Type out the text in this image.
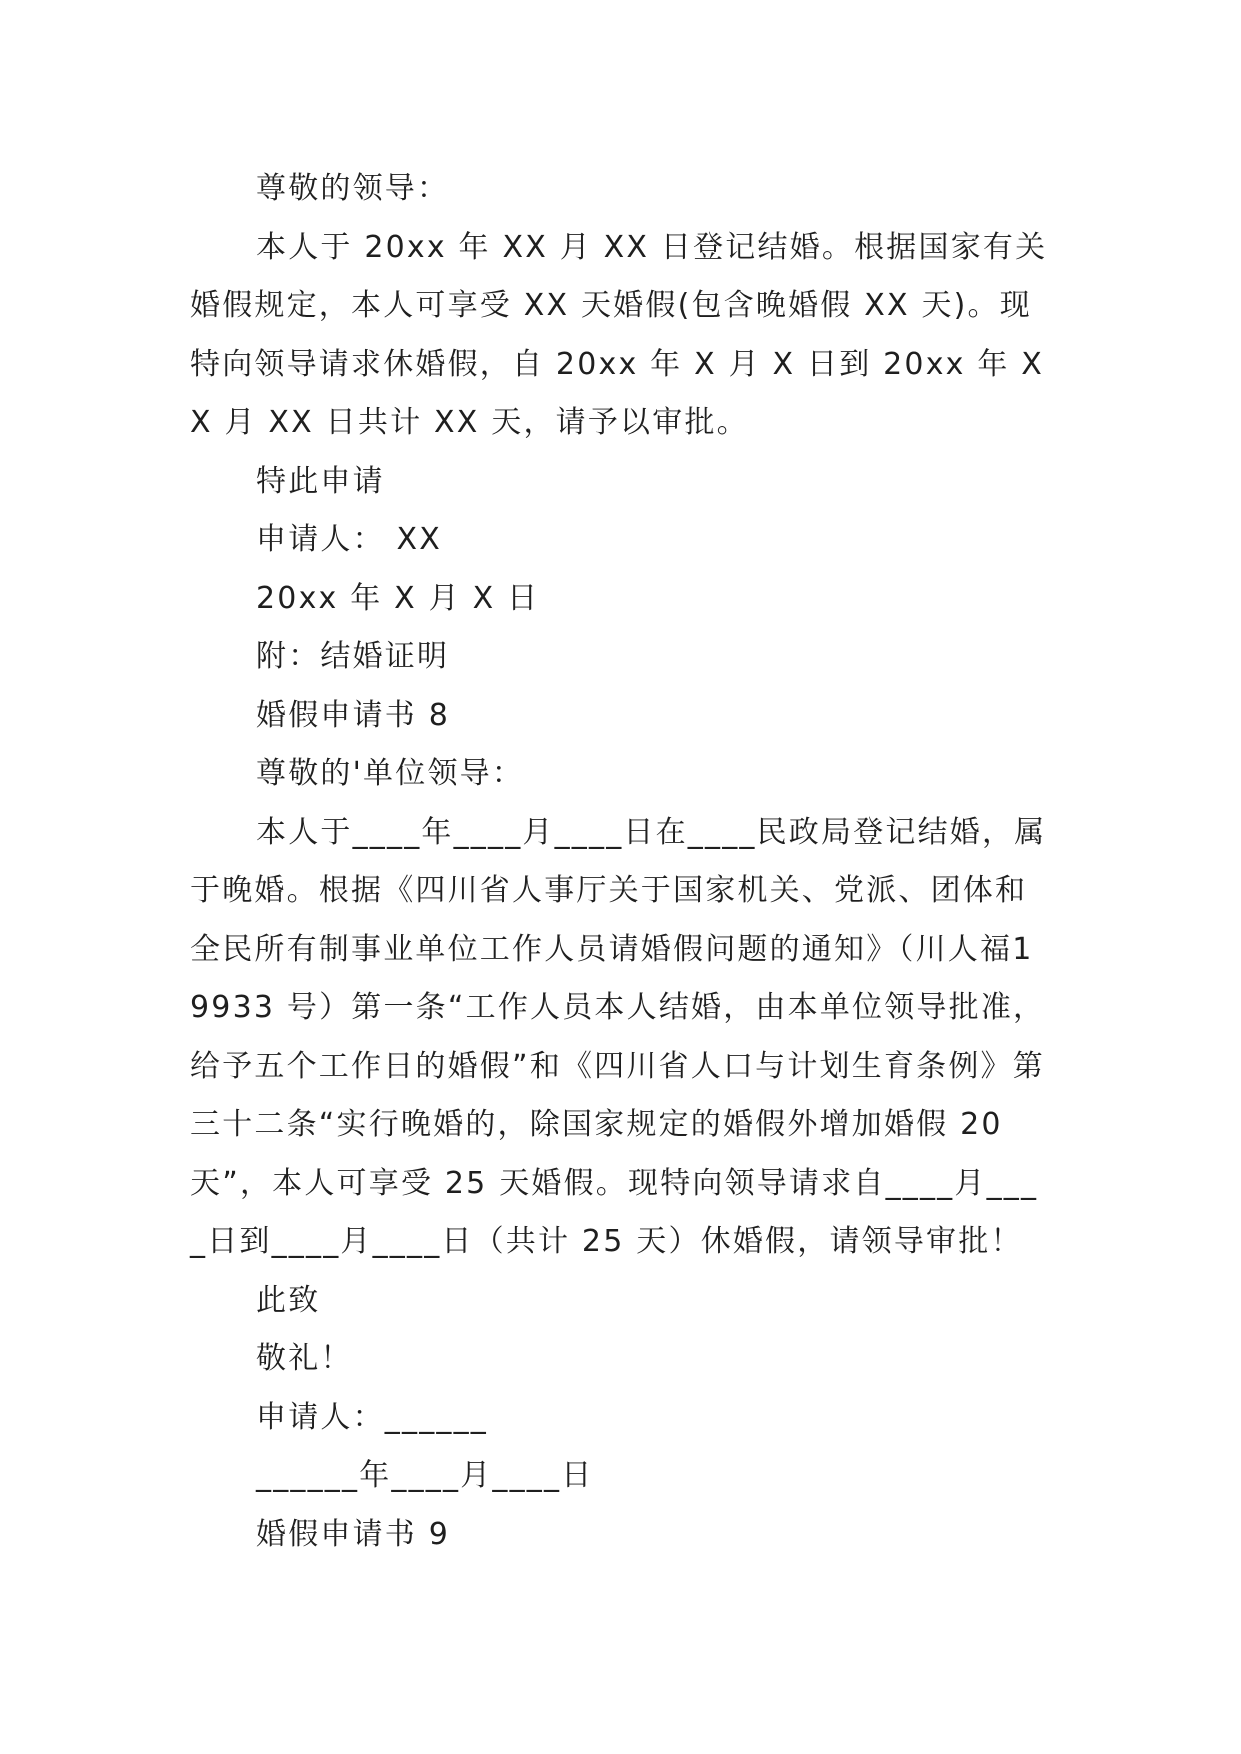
尊敬的领导：

本人于 20xx 年 XX 月 XX 日登记结婚。根据国家有关婚假规定，本人可享受 XX 天婚假(包含晚婚假 XX 天)。现特向领导请求休婚假，自 20xx 年 X 月 X 日到 20xx 年 XX 月 XX 日共计 XX 天，请予以审批。

特此申请

申请人： XX

20xx 年 X 月 X 日

附：结婚证明

婚假申请书 8

尊敬的'单位领导：

本人于____年____月____日在____民政局登记结婚，属于晚婚。根据《四川省人事厅关于国家机关、党派、团体和全民所有制事业单位工作人员请婚假问题的通知》（川人福19933 号）第一条“工作人员本人结婚，由本单位领导批准，给予五个工作日的婚假”和《四川省人口与计划生育条例》第三十二条“实行晚婚的，除国家规定的婚假外增加婚假 20天”，本人可享受 25 天婚假。现特向领导请求自____月____日到____月____日（共计 25 天）休婚假，请领导审批！

此致

敬礼！

申请人：______

______年____月____日

婚假申请书 9
